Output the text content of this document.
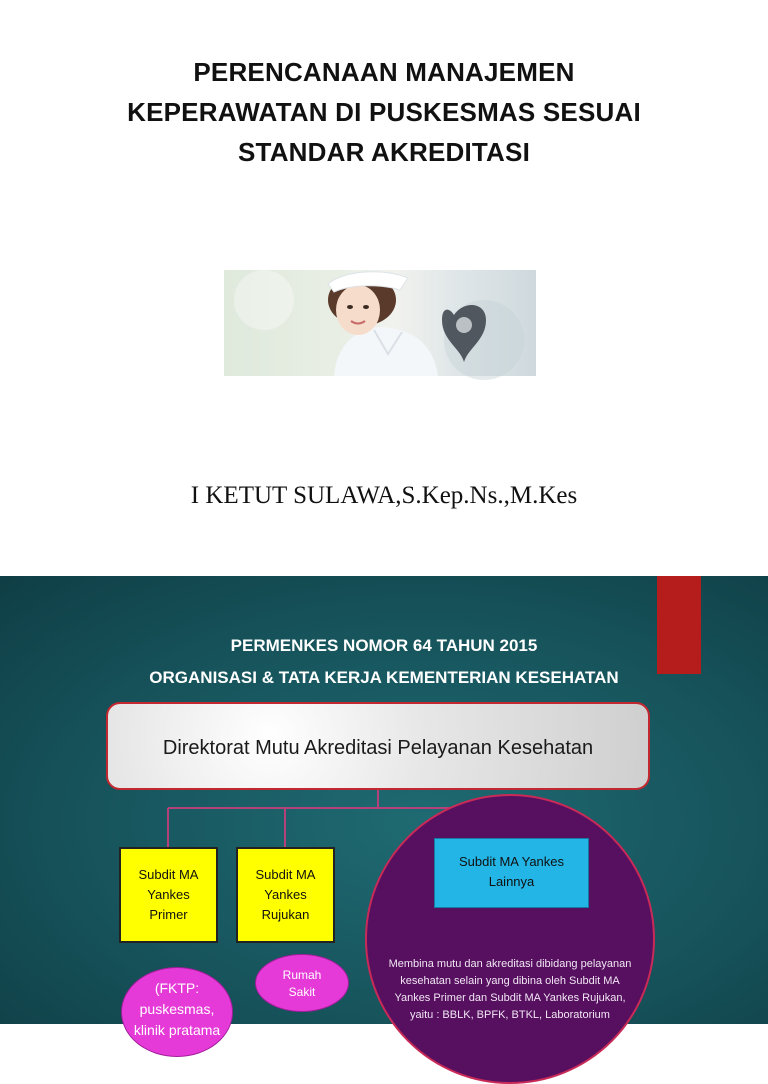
PERENCANAAN MANAJEMEN
KEPERAWATAN DI PUSKESMAS SESUAI
STANDAR AKREDITASI
I KETUT SULAWA,S.Kep.Ns.,M.Kes
PERMENKES NOMOR 64 TAHUN 2015
ORGANISASI & TATA KERJA KEMENTERIAN KESEHATAN
Direktorat Mutu Akreditasi Pelayanan Kesehatan
Subdit MA
Yankes
Primer
Subdit MA
Yankes
Rujukan
Subdit MA Yankes
Lainnya
Membina mutu dan akreditasi dibidang pelayanan
kesehatan selain yang dibina oleh Subdit MA
Yankes Primer dan Subdit MA Yankes Rujukan,
yaitu : BBLK, BPFK, BTKL, Laboratorium
(FKTP:
puskesmas,
klinik pratama
Rumah
Sakit
